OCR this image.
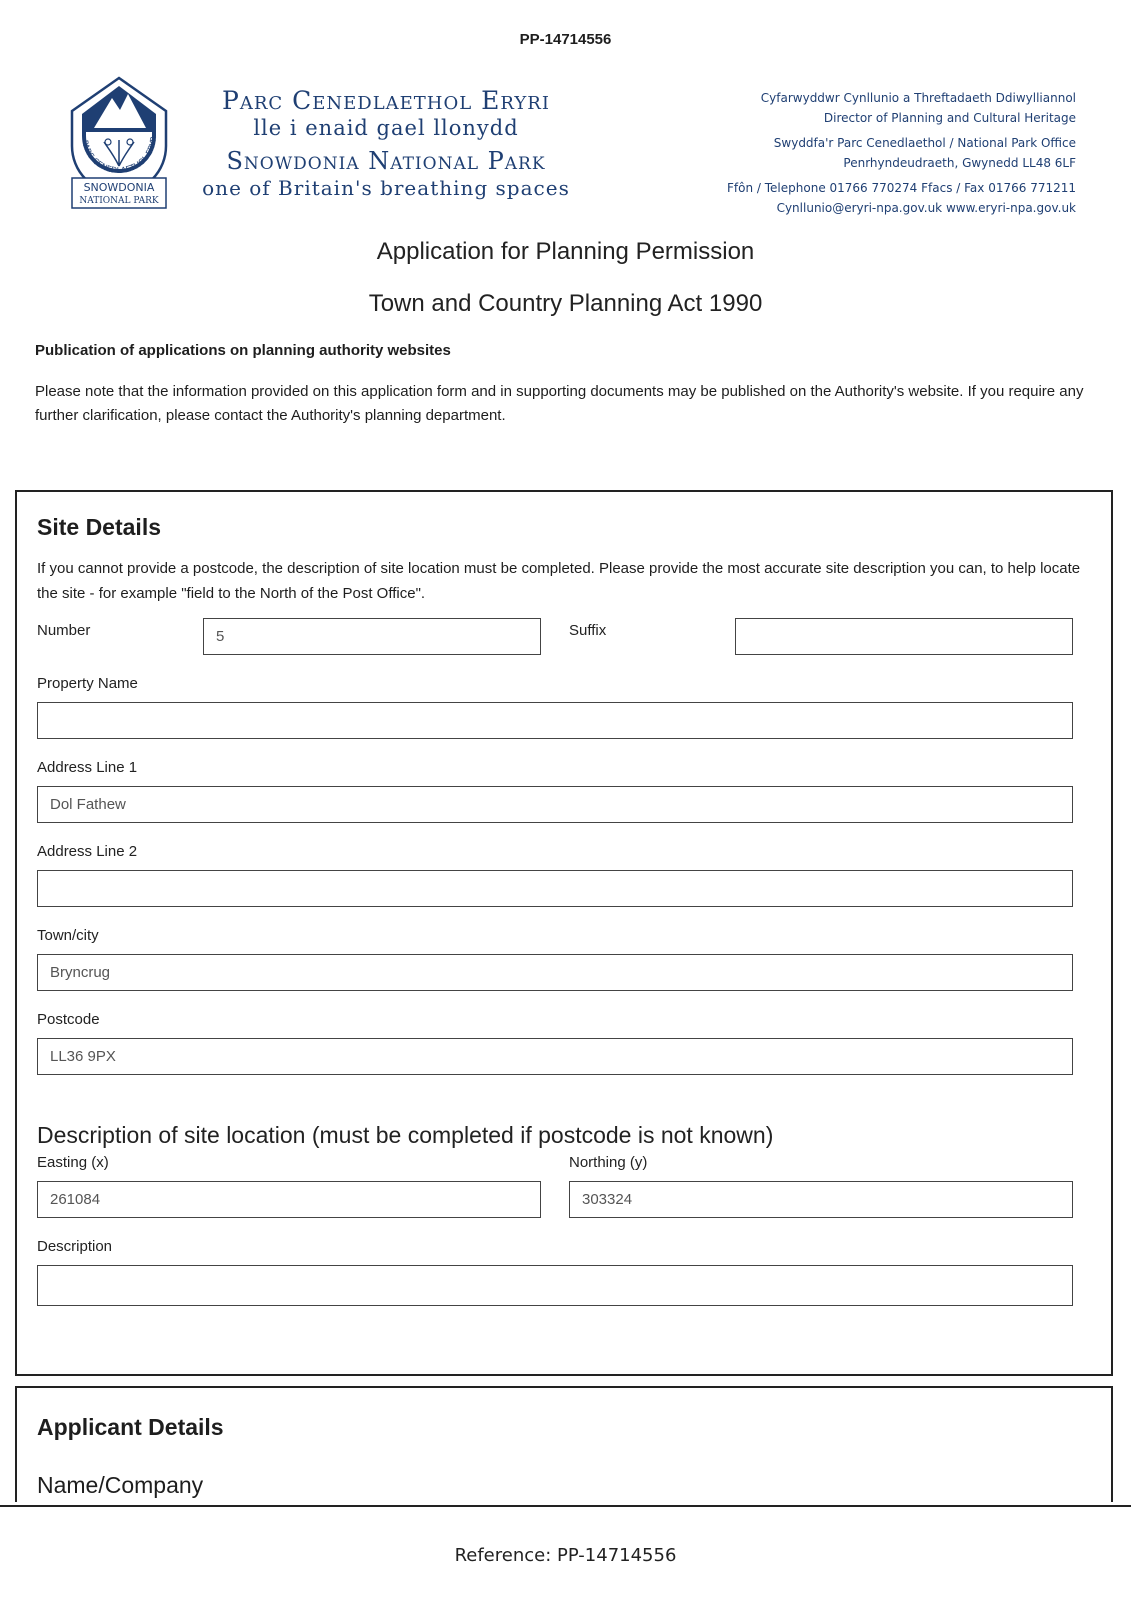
PP-14714556
PARC CENEDLAETHOL ERYR
SNOWDONIA
NATIONAL PARK
Parc Cenedlaethol Eryri
lle i enaid gael llonydd
Snowdonia National Park
one of Britain's breathing spaces
Cyfarwyddwr Cynllunio a Threftadaeth Ddiwylliannol
Director of Planning and Cultural Heritage
Swyddfa'r Parc Cenedlaethol / National Park Office
Penrhyndeudraeth, Gwynedd LL48 6LF
Ffôn / Telephone 01766 770274 Ffacs / Fax 01766 771211
Cynllunio@eryri-npa.gov.uk www.eryri-npa.gov.uk
Application for Planning Permission
Town and Country Planning Act 1990
Publication of applications on planning authority websites
Please note that the information provided on this application form and in supporting documents may be published on the Authority's website. If you require any further clarification, please contact the Authority's planning department.
Site Details
If you cannot provide a postcode, the description of site location must be completed. Please provide the most accurate site description you can, to help locate the site - for example "field to the North of the Post Office".
Number	5	Suffix
Property Name
Address Line 1
Dol Fathew
Address Line 2
Town/city
Bryncrug
Postcode
LL36 9PX
Description of site location (must be completed if postcode is not known)
Easting (x)
261084
Northing (y)
303324
Description
Applicant Details
Name/Company
Reference: PP-14714556
